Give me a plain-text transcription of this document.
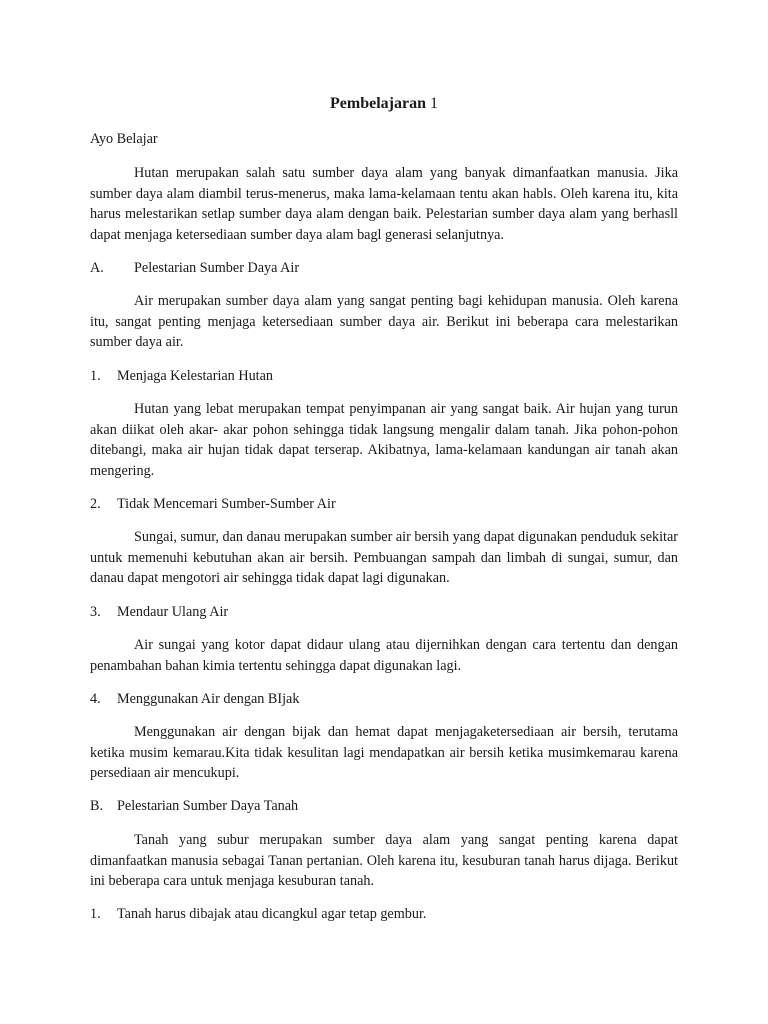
Pembelajaran 1
Ayo Belajar
Hutan merupakan salah satu sumber daya alam yang banyak dimanfaatkan manusia. Jika sumber daya alam diambil terus-menerus, maka lama-kelamaan tentu akan habls. Oleh karena itu, kita harus melestarikan setlap sumber daya alam dengan baik. Pelestarian sumber daya alam yang berhasll dapat menjaga ketersediaan sumber daya alam bagl generasi selanjutnya.
A. Pelestarian Sumber Daya Air
Air merupakan sumber daya alam yang sangat penting bagi kehidupan manusia. Oleh karena itu, sangat penting menjaga ketersediaan sumber daya air. Berikut ini beberapa cara melestarikan sumber daya air.
1. Menjaga Kelestarian Hutan
Hutan yang lebat merupakan tempat penyimpanan air yang sangat baik. Air hujan yang turun akan diikat oleh akar- akar pohon sehingga tidak langsung mengalir dalam tanah. Jika pohon-pohon ditebangi, maka air hujan tidak dapat terserap. Akibatnya, lama-kelamaan kandungan air tanah akan mengering.
2. Tidak Mencemari Sumber-Sumber Air
Sungai, sumur, dan danau merupakan sumber air bersih yang dapat digunakan penduduk sekitar untuk memenuhi kebutuhan akan air bersih. Pembuangan sampah dan limbah di sungai, sumur, dan danau dapat mengotori air sehingga tidak dapat lagi digunakan.
3. Mendaur Ulang Air
Air sungai yang kotor dapat didaur ulang atau dijernihkan dengan cara tertentu dan dengan penambahan bahan kimia tertentu sehingga dapat digunakan lagi.
4. Menggunakan Air dengan BIjak
Menggunakan air dengan bijak dan hemat dapat menjagaketersediaan air bersih, terutama ketika musim kemarau.Kita tidak kesulitan lagi mendapatkan air bersih ketika musimkemarau karena persediaan air mencukupi.
B. Pelestarian Sumber Daya Tanah
Tanah yang subur merupakan sumber daya alam yang sangat penting karena dapat dimanfaatkan manusia sebagai Tanan pertanian. Oleh karena itu, kesuburan tanah harus dijaga. Berikut ini beberapa cara untuk menjaga kesuburan tanah.
1. Tanah harus dibajak atau dicangkul agar tetap gembur.
